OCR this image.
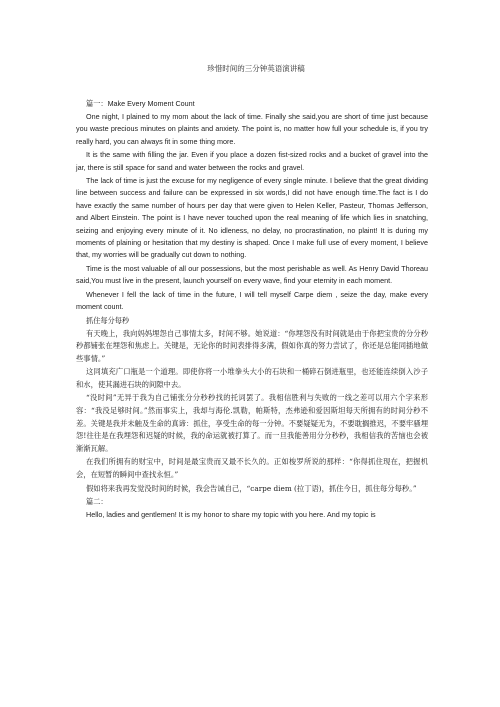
珍惜时间的三分钟英语演讲稿
篇一：Make Every Moment Count

One night, I plained to my mom about the lack of time. Finally she said,you are short of time just because you waste precious minutes on plaints and anxiety. The point is, no matter how full your schedule is, if you try really hard, you can always fit in some thing more.

It is the same with filling the jar. Even if you place a dozen fist-sized rocks and a bucket of gravel into the jar, there is still space for sand and water between the rocks and gravel.

The lack of time is just the excuse for my negligence of every single minute. I believe that the great dividing line between success and failure can be expressed in six words,I did not have enough time.The fact is I do have exactly the same number of hours per day that were given to Helen Keller, Pasteur, Thomas Jefferson, and Albert Einstein. The point is I have never touched upon the real meaning of life which lies in snatching, seizing and enjoying every minute of it. No idleness, no delay, no procrastination, no plaint! It is during my moments of plaining or hesitation that my destiny is shaped. Once I make full use of every moment, I believe that, my worries will be gradually cut down to nothing.

Time is the most valuable of all our possessions, but the most perishable as well. As Henry David Thoreau said,You must live in the present, launch yourself on every wave, find your eternity in each moment.

Whenever I fell the lack of time in the future, I will tell myself Carpe diem , seize the day, make every moment count.

抓住每分每秒

有天晚上，我向妈妈埋怨自己事情太多，时间不够。她说道：“你埋怨没有时间就是由于你把宝贵的分分秒秒都铺张在埋怨和焦虑上。关键是，无论你的时间表排得多满，假如你真的努力尝试了，你还是总能同插地做些事情。”

这同填充广口瓶是一个道理。即使你将一小堆拳头大小的石块和一桶碎石倒进瓶里，也还能连续倒入沙子和水，使其漏进石块的间隙中去。

“没时间”无异于我为自己铺张分分秒秒找的托词罢了。我相信胜利与失败的一线之差可以用六个字来形容：“我没足够时间。”然而事实上，我却与海伦.凯勒，帕斯特，杰弗逊和爱因斯坦每天所拥有的时间分秒不差。关键是我并未触及生命的真谛：抓住，享受生命的每一分钟。不要疑疑无为，不要耽搁推迟，不要牢骚埋怨!往往是在我埋怨和迟疑的时候，我的命运就被打算了。而一旦我能善用分分秒秒，我相信我的苦恼也会被渐渐瓦解。

在我们所拥有的财宝中，时间是最宝贵而又最不长久的。正如梭罗所说的那样：“你得抓住现在，把握机会，在短暂的瞬间中查找永恒。”

假如将来我再发觉没时间的时候，我会告诫自己，“carpe diem (拉丁语)，抓住今日，抓住每分每秒。”

篇二：

Hello, ladies and gentlemen! It is my honor to share my topic with you here. And my topic is
